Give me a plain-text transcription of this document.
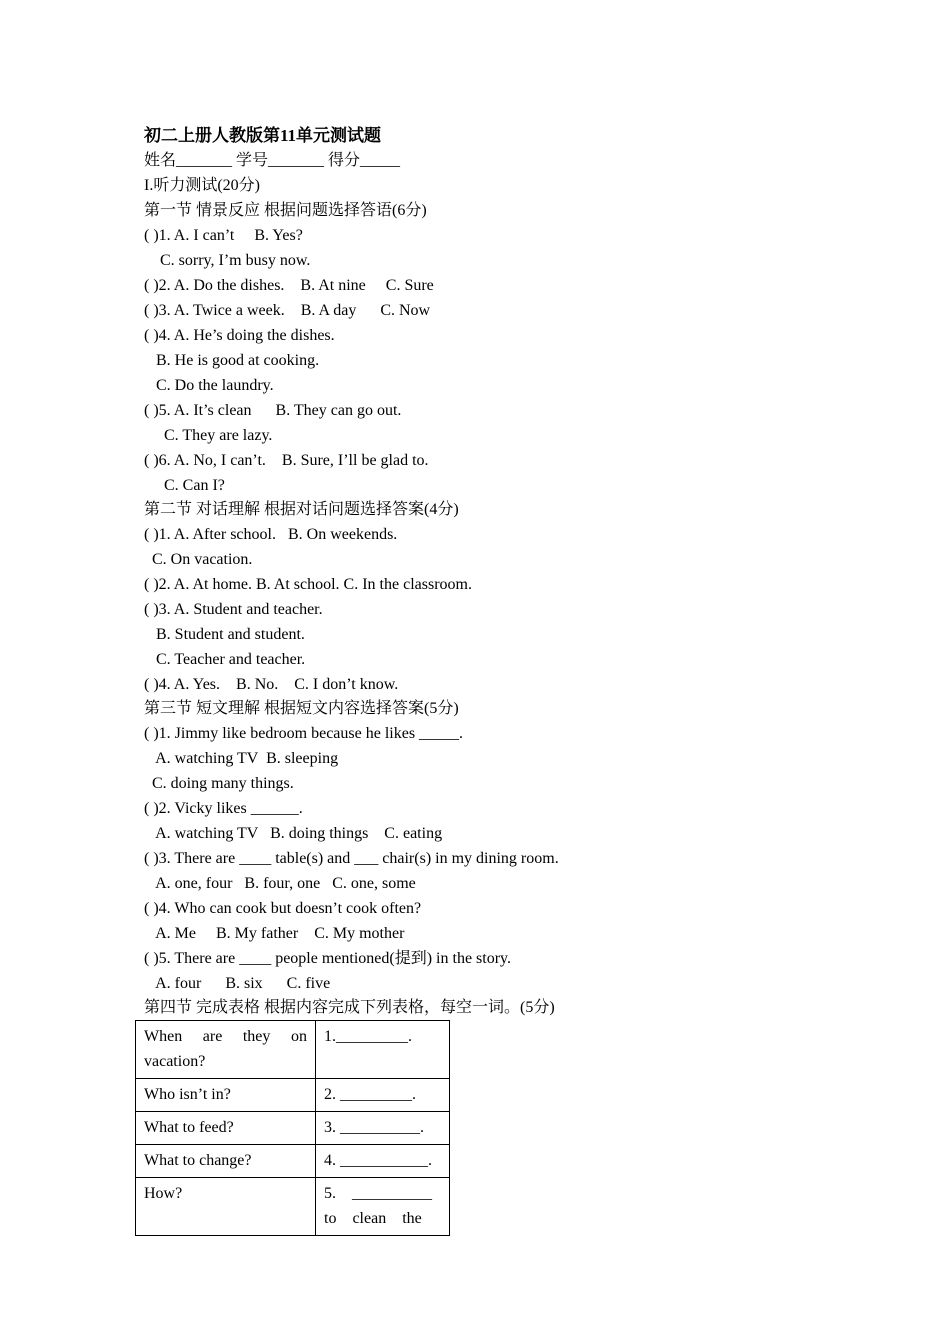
初二上册人教版第11单元测试题
姓名_______ 学号_______ 得分_____
I.听力测试(20分)
第一节 情景反应 根据问题选择答语(6分)
( )1. A. I can’t     B. Yes?
C. sorry, I’m busy now.
( )2. A. Do the dishes.    B. At nine     C. Sure
( )3. A. Twice a week.    B. A day      C. Now
( )4. A. He’s doing the dishes.
B. He is good at cooking.
C. Do the laundry.
( )5. A. It’s clean      B. They can go out.
C. They are lazy.
( )6. A. No, I can’t.    B. Sure, I’ll be glad to.
C. Can I?
第二节 对话理解 根据对话问题选择答案(4分)
( )1. A. After school.   B. On weekends.
C. On vacation.
( )2. A. At home. B. At school. C. In the classroom.
( )3. A. Student and teacher.
B. Student and student.
C. Teacher and teacher.
( )4. A. Yes.    B. No.    C. I don’t know.
第三节 短文理解 根据短文内容选择答案(5分)
( )1. Jimmy like bedroom because he likes _____.
A. watching TV  B. sleeping
C. doing many things.
( )2. Vicky likes ______.
A. watching TV   B. doing things    C. eating
( )3. There are ____ table(s) and ___ chair(s) in my dining room.
A. one, four   B. four, one   C. one, some
( )4. Who can cook but doesn’t cook often?
A. Me     B. My father    C. My mother
( )5. There are ____ people mentioned(提到) in the story.
A. four      B. six      C. five
第四节 完成表格 根据内容完成下列表格，每空一词。(5分)
When are they on
vacation?	1._________.

Who isn’t in?	2. _________.
What to feed?	3. __________.
What to change?	4. ___________.
How?	5.    __________
to    clean    the
